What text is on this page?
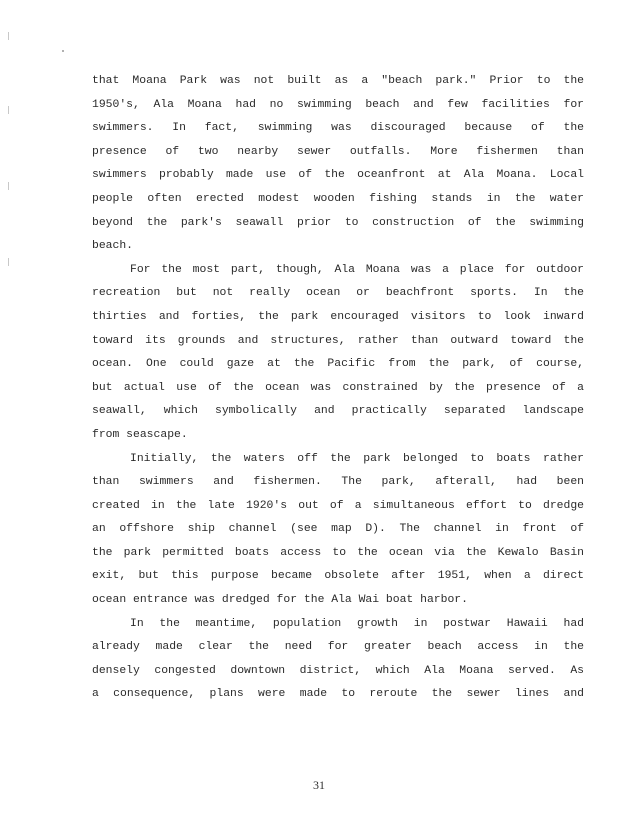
that Moana Park was not built as a "beach park." Prior to the
1950's, Ala Moana had no swimming beach and few facilities for
swimmers. In fact, swimming was discouraged because of the
presence of two nearby sewer outfalls. More fishermen than
swimmers probably made use of the oceanfront at Ala Moana. Local
people often erected modest wooden fishing stands in the water
beyond the park's seawall prior to construction of the swimming
beach.
For the most part, though, Ala Moana was a place for outdoor
recreation but not really ocean or beachfront sports. In the
thirties and forties, the park encouraged visitors to look inward
toward its grounds and structures, rather than outward toward the
ocean. One could gaze at the Pacific from the park, of course,
but actual use of the ocean was constrained by the presence of a
seawall, which symbolically and practically separated landscape
from seascape.
Initially, the waters off the park belonged to boats rather
than swimmers and fishermen. The park, afterall, had been
created in the late 1920's out of a simultaneous effort to dredge
an offshore ship channel (see map D). The channel in front of
the park permitted boats access to the ocean via the Kewalo Basin
exit, but this purpose became obsolete after 1951, when a direct
ocean entrance was dredged for the Ala Wai boat harbor.
In the meantime, population growth in postwar Hawaii had
already made clear the need for greater beach access in the
densely congested downtown district, which Ala Moana served. As
a consequence, plans were made to reroute the sewer lines and
31
